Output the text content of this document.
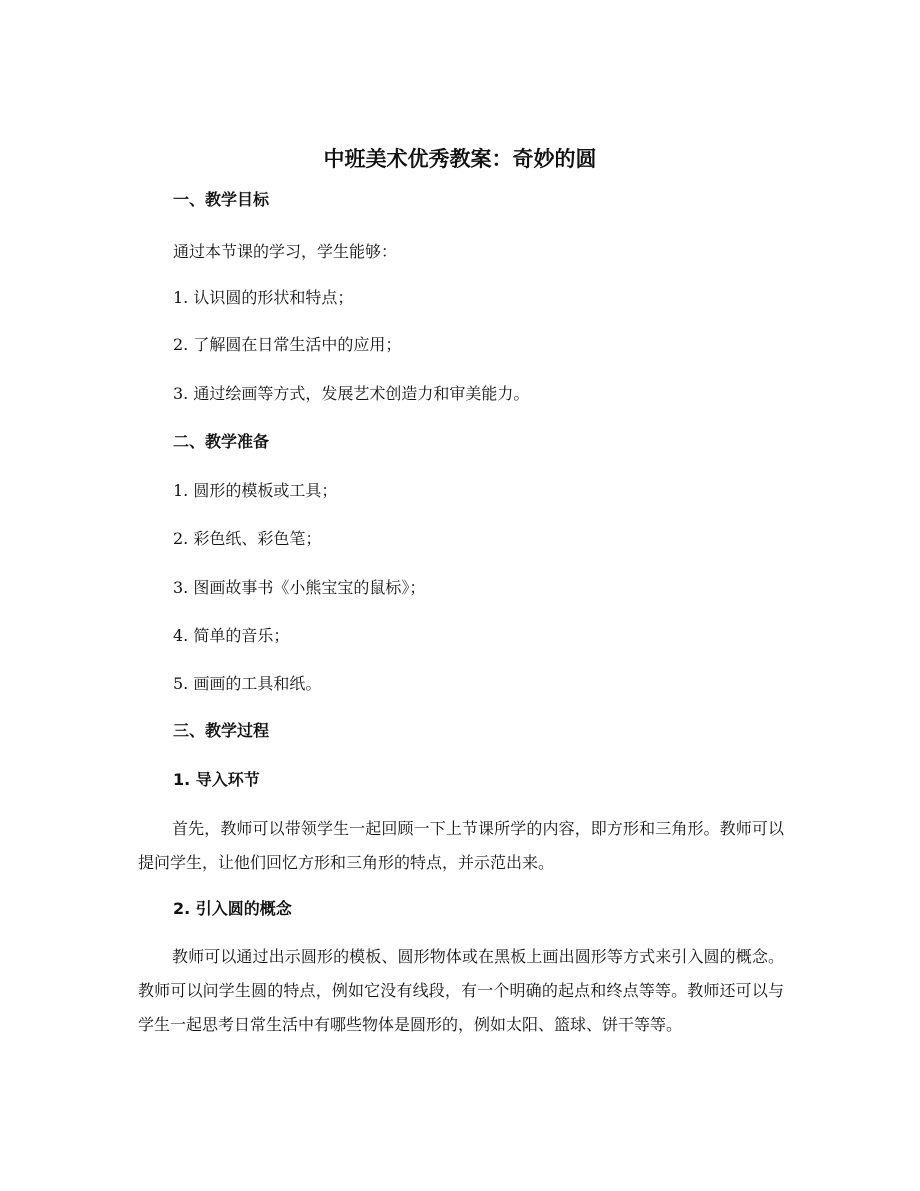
中班美术优秀教案：奇妙的圆
一、教学目标
通过本节课的学习，学生能够：
1. 认识圆的形状和特点；
2. 了解圆在日常生活中的应用；
3. 通过绘画等方式，发展艺术创造力和审美能力。
二、教学准备
1. 圆形的模板或工具；
2. 彩色纸、彩色笔；
3. 图画故事书《小熊宝宝的鼠标》；
4. 简单的音乐；
5. 画画的工具和纸。
三、教学过程
1. 导入环节
首先，教师可以带领学生一起回顾一下上节课所学的内容，即方形和三角形。教师可以提问学生，让他们回忆方形和三角形的特点，并示范出来。
2. 引入圆的概念
教师可以通过出示圆形的模板、圆形物体或在黑板上画出圆形等方式来引入圆的概念。教师可以问学生圆的特点，例如它没有线段，有一个明确的起点和终点等等。教师还可以与学生一起思考日常生活中有哪些物体是圆形的，例如太阳、篮球、饼干等等。
